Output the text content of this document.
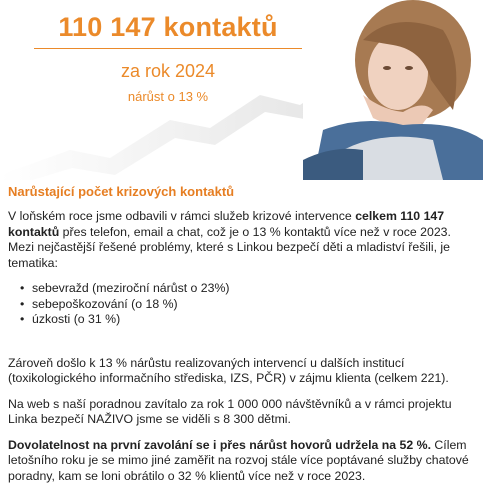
110 147 kontaktů
za rok 2024
nárůst o 13 %
Narůstající počet krizových kontaktů

V loňském roce jsme odbavili v rámci služeb krizové intervence celkem 110 147 kontaktů přes telefon, email a chat, což je o 13 % kontaktů více než v roce 2023. Mezi nejčastější řešené problémy, které s Linkou bezpečí děti a mladiství řešili, je tematika:

• sebevražd (meziroční nárůst o 23%)
• sebepoškozování (o 18 %)
• úzkosti (o 31 %)

Zároveň došlo k 13 % nárůstu realizovaných intervencí u dalších institucí (toxikologického informačního střediska, IZS, PČR) v zájmu klienta (celkem 221).

Na web s naší poradnou zavítalo za rok 1 000 000 návštěvníků a v rámci projektu Linka bezpečí NAŽIVO jsme se viděli s 8 300 dětmi.

Dovolatelnost na první zavolání se i přes nárůst hovorů udržela na 52 %. Cílem letošního roku je se mimo jiné zaměřit na rozvoj stále více poptávané služby chatové poradny, kam se loni obrátilo o 32 % klientů více než v roce 2023.
